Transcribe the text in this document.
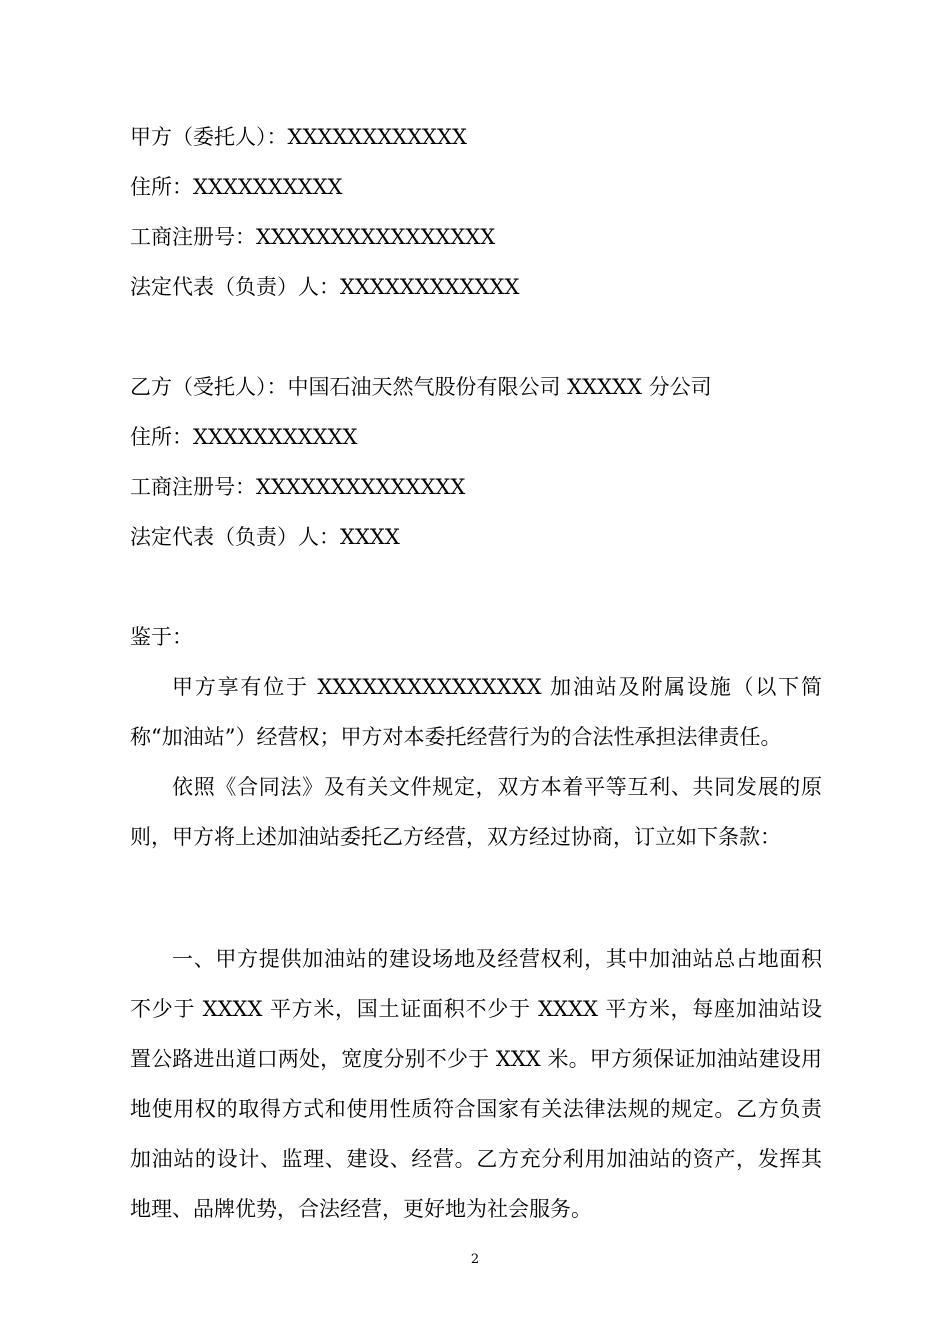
甲方（委托人）：XXXXXXXXXXXX

住所：XXXXXXXXXX

工商注册号：XXXXXXXXXXXXXXXX

法定代表（负责）人：XXXXXXXXXXXX

乙方（受托人）：中国石油天然气股份有限公司 XXXXX 分公司

住所：XXXXXXXXXXX

工商注册号：XXXXXXXXXXXXXX

法定代表（负责）人：XXXX

鉴于：

甲方享有位于 XXXXXXXXXXXXXXX 加油站及附属设施（以下简称“加油站”）经营权；甲方对本委托经营行为的合法性承担法律责任。

依照《合同法》及有关文件规定，双方本着平等互利、共同发展的原则，甲方将上述加油站委托乙方经营，双方经过协商，订立如下条款：

一、甲方提供加油站的建设场地及经营权利，其中加油站总占地面积不少于 XXXX 平方米，国土证面积不少于 XXXX 平方米，每座加油站设置公路进出道口两处，宽度分别不少于 XXX 米。甲方须保证加油站建设用地使用权的取得方式和使用性质符合国家有关法律法规的规定。乙方负责加油站的设计、监理、建设、经营。乙方充分利用加油站的资产，发挥其地理、品牌优势，合法经营，更好地为社会服务。

2
